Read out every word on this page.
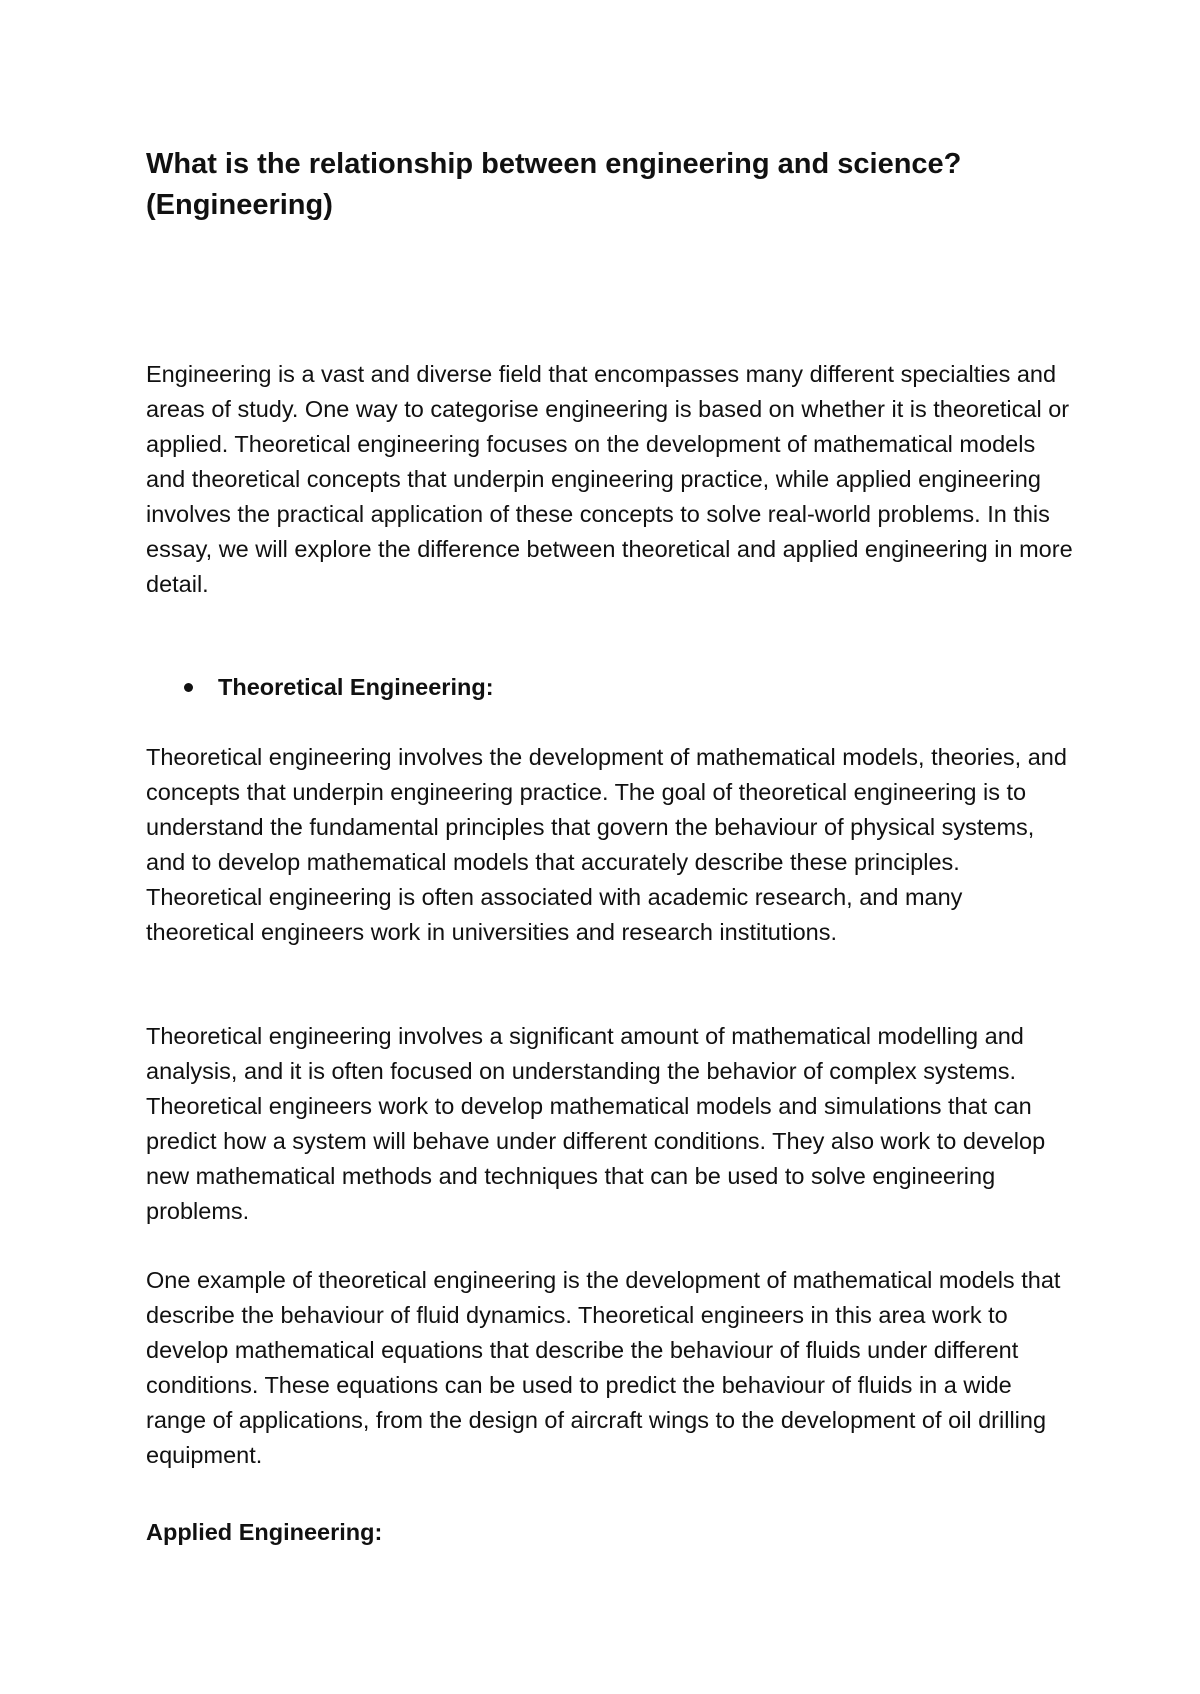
What is the relationship between engineering and science? (Engineering)

Engineering is a vast and diverse field that encompasses many different specialties and areas of study. One way to categorise engineering is based on whether it is theoretical or applied. Theoretical engineering focuses on the development of mathematical models and theoretical concepts that underpin engineering practice, while applied engineering involves the practical application of these concepts to solve real-world problems. In this essay, we will explore the difference between theoretical and applied engineering in more detail.

Theoretical Engineering:

Theoretical engineering involves the development of mathematical models, theories, and concepts that underpin engineering practice. The goal of theoretical engineering is to understand the fundamental principles that govern the behaviour of physical systems, and to develop mathematical models that accurately describe these principles. Theoretical engineering is often associated with academic research, and many theoretical engineers work in universities and research institutions.

Theoretical engineering involves a significant amount of mathematical modelling and analysis, and it is often focused on understanding the behavior of complex systems. Theoretical engineers work to develop mathematical models and simulations that can predict how a system will behave under different conditions. They also work to develop new mathematical methods and techniques that can be used to solve engineering problems.

One example of theoretical engineering is the development of mathematical models that describe the behaviour of fluid dynamics. Theoretical engineers in this area work to develop mathematical equations that describe the behaviour of fluids under different conditions. These equations can be used to predict the behaviour of fluids in a wide range of applications, from the design of aircraft wings to the development of oil drilling equipment.

Applied Engineering:
